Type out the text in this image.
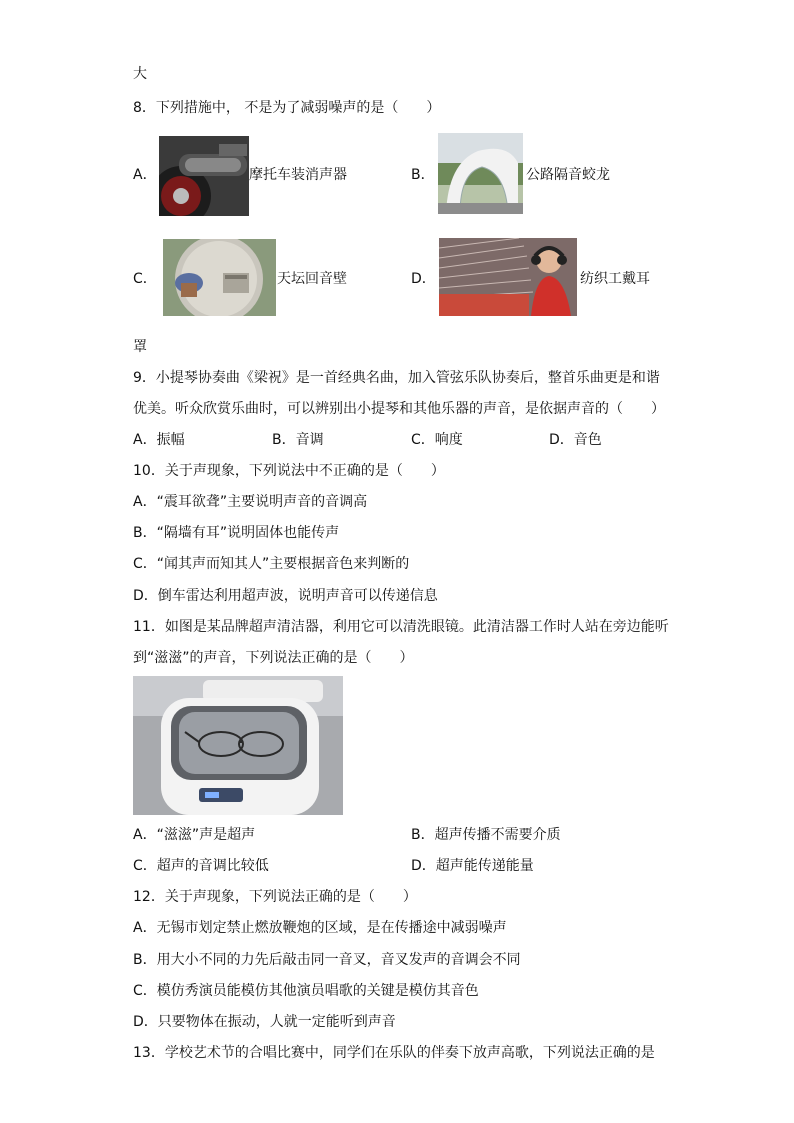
大
8．下列措施中， 不是为了减弱噪声的是（　　）
A．	摩托车装消声器	B．	公路隔音蛟龙
C．	天坛回音壁	D．	纺织工戴耳
罩
9．小提琴协奏曲《梁祝》是一首经典名曲，加入管弦乐队协奏后，整首乐曲更是和谐
优美。听众欣赏乐曲时，可以辨别出小提琴和其他乐器的声音，是依据声音的（　　）
A．振幅	B．音调	C．响度	D．音色
10．关于声现象，下列说法中不正确的是（　　）
A．“震耳欲聋”主要说明声音的音调高
B．“隔墙有耳”说明固体也能传声
C．“闻其声而知其人”主要根据音色来判断的
D．倒车雷达利用超声波，说明声音可以传递信息
11．如图是某品牌超声清洁器，利用它可以清洗眼镜。此清洁器工作时人站在旁边能听
到“滋滋”的声音，下列说法正确的是（　　）
A．“滋滋”声是超声	B．超声传播不需要介质
C．超声的音调比较低	D．超声能传递能量
12．关于声现象，下列说法正确的是（　　）
A．无锡市划定禁止燃放鞭炮的区域，是在传播途中减弱噪声
B．用大小不同的力先后敲击同一音叉，音叉发声的音调会不同
C．模仿秀演员能模仿其他演员唱歌的关键是模仿其音色
D．只要物体在振动，人就一定能听到声音
13．学校艺术节的合唱比赛中，同学们在乐队的伴奏下放声高歌，下列说法正确的是
